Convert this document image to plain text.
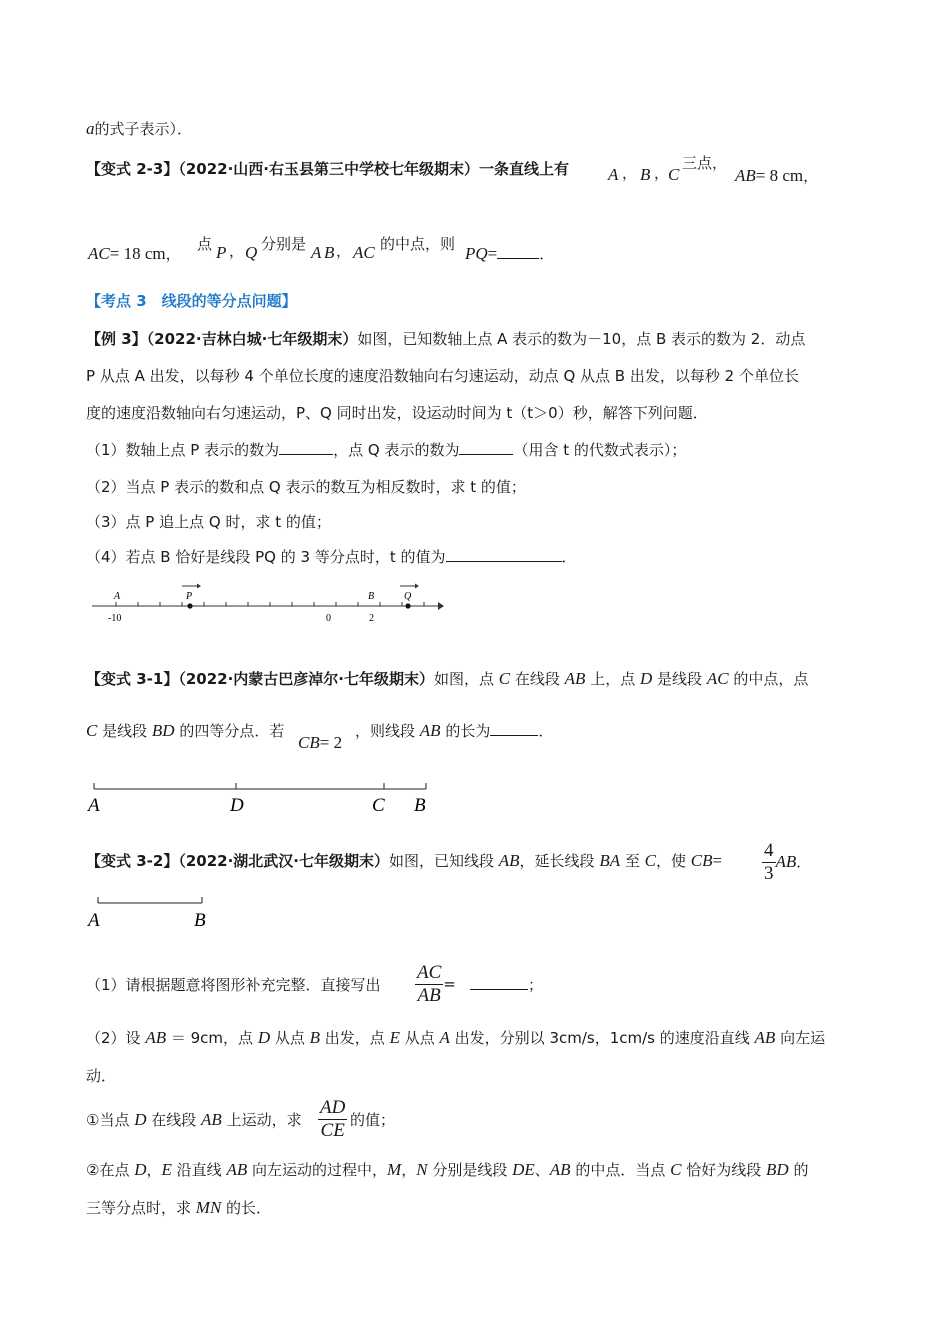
a的式子表示）．
【变式 2-3】（2022·山西·右玉县第三中学校七年级期末）一条直线上有 A ， B ，
C
三点，
AB= 8 cm，
AC= 18 cm，
点 P ， Q 分别是 A B ， AC 的中点，则 PQ=	．
【考点 3　线段的等分点问题】
【例 3】（2022·吉林白城·七年级期末）如图，已知数轴上点 A 表示的数为－10，点 B 表示的数为 2．动点
P 从点 A 出发，以每秒 4 个单位长度的速度沿数轴向右匀速运动，动点 Q 从点 B 出发，以每秒 2 个单位长
度的速度沿数轴向右匀速运动，P、Q 同时出发，设运动时间为 t（t＞0）秒，解答下列问题．
（1）数轴上点 P 表示的数为	，点 Q 表示的数为	（用含 t 的代数式表示）；
（2）当点 P 表示的数和点 Q 表示的数互为相反数时，求 t 的值；
（3）点 P 追上点 Q 时，求 t 的值；
（4）若点 B 恰好是线段 PQ 的 3 等分点时，t 的值为	．
A	P	B	Q
-10	0	2
【变式 3-1】（2022·内蒙古巴彦淖尔·七年级期末）如图，点 C 在线段 AB 上，点 D 是线段 AC 的中点，点
C 是线段 BD 的四等分点．若
CB= 2
，则线段 AB 的长为	．
A	D	C B
【变式 3-2】（2022·湖北武汉·七年级期末）如图，已知线段 AB，延长线段 BA 至 C，使 $CB= \frac{4}{3}$ AB．
A	B
（1）请根据题意将图形补充完整．直接写出 $\frac{AC}{AB}$ =	；
（2）设 AB ＝ 9cm，点 D 从点 B 出发，点 E 从点 A 出发，分别以 3cm/s，1cm/s 的速度沿直线 AB 向左运
动．
①当点 D 在线段 AB 上运动，求 $\frac{AD}{CE}$ 的值；
②在点 D，E 沿直线 AB 向左运动的过程中，M，N 分别是线段 DE、AB 的中点．当点 C 恰好为线段 BD 的
三等分点时，求 MN 的长．
